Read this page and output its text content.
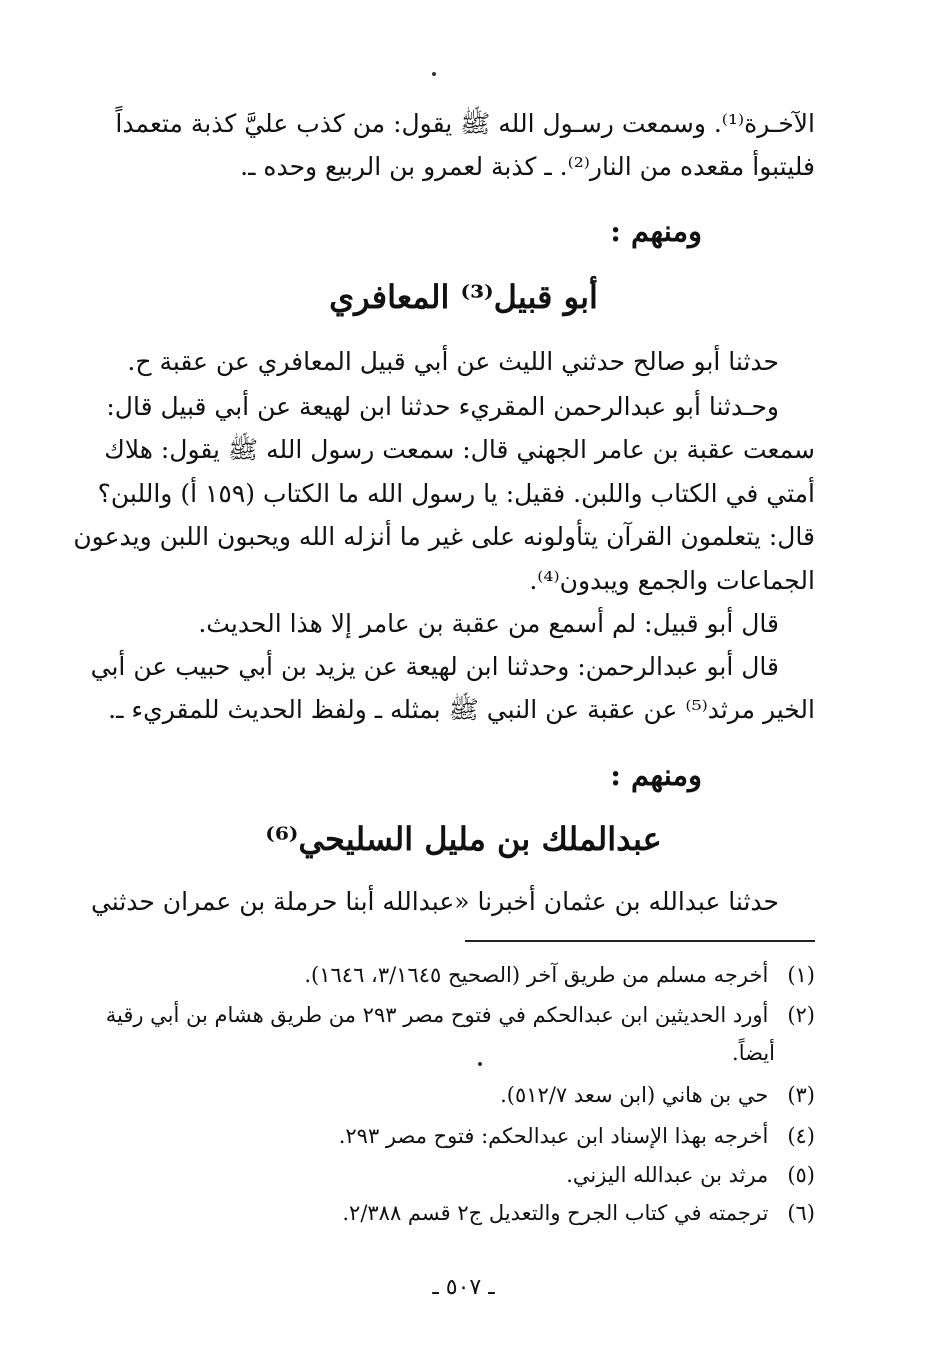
الآخـرة⁽¹⁾. وسمعت رسـول الله ﷺ يقول: من كذب عليَّ كذبة متعمداً
فليتبوأ مقعده من النار⁽²⁾. ـ كذبة لعمرو بن الربيع وحده ـ.
ومنهم :
أبو قبيل⁽³⁾ المعافري
حدثنا أبو صالح حدثني الليث عن أبي قبيل المعافري عن عقبة ح.
وحـدثنا أبو عبدالرحمن المقريء حدثنا ابن لهيعة عن أبي قبيل قال:
سمعت عقبة بن عامر الجهني قال: سمعت رسول الله ﷺ يقول: هلاك
أمتي في الكتاب واللبن. فقيل: يا رسول الله ما الكتاب (١٥٩ أ) واللبن؟
قال: يتعلمون القرآن يتأولونه على غير ما أنزله الله ويحبون اللبن ويدعون
الجماعات والجمع ويبدون⁽⁴⁾.
قال أبو قبيل: لم أسمع من عقبة بن عامر إلا هذا الحديث.
قال أبو عبدالرحمن: وحدثنا ابن لهيعة عن يزيد بن أبي حبيب عن أبي
الخير مرثد⁽⁵⁾ عن عقبة عن النبي ﷺ بمثله ـ ولفظ الحديث للمقريء ـ.
ومنهم :
عبدالملك بن مليل السليحي⁽⁶⁾
حدثنا عبدالله بن عثمان أخبرنا «عبدالله أبنا حرملة بن عمران حدثني
(١) أخرجه مسلم من طريق آخر (الصحيح ٣/١٦٤٥، ١٦٤٦).
(٢) أورد الحديثين ابن عبدالحكم في فتوح مصر ٢٩٣ من طريق هشام بن أبي رقية
أيضاً.
(٣) حي بن هاني (ابن سعد ٥١٢/٧).
(٤) أخرجه بهذا الإسناد ابن عبدالحكم: فتوح مصر ٢٩٣.
(٥) مرثد بن عبدالله اليزني.
(٦) ترجمته في كتاب الجرح والتعديل ج٢ قسم ٢/٣٨٨.
ـ ٥٠٧ ـ
